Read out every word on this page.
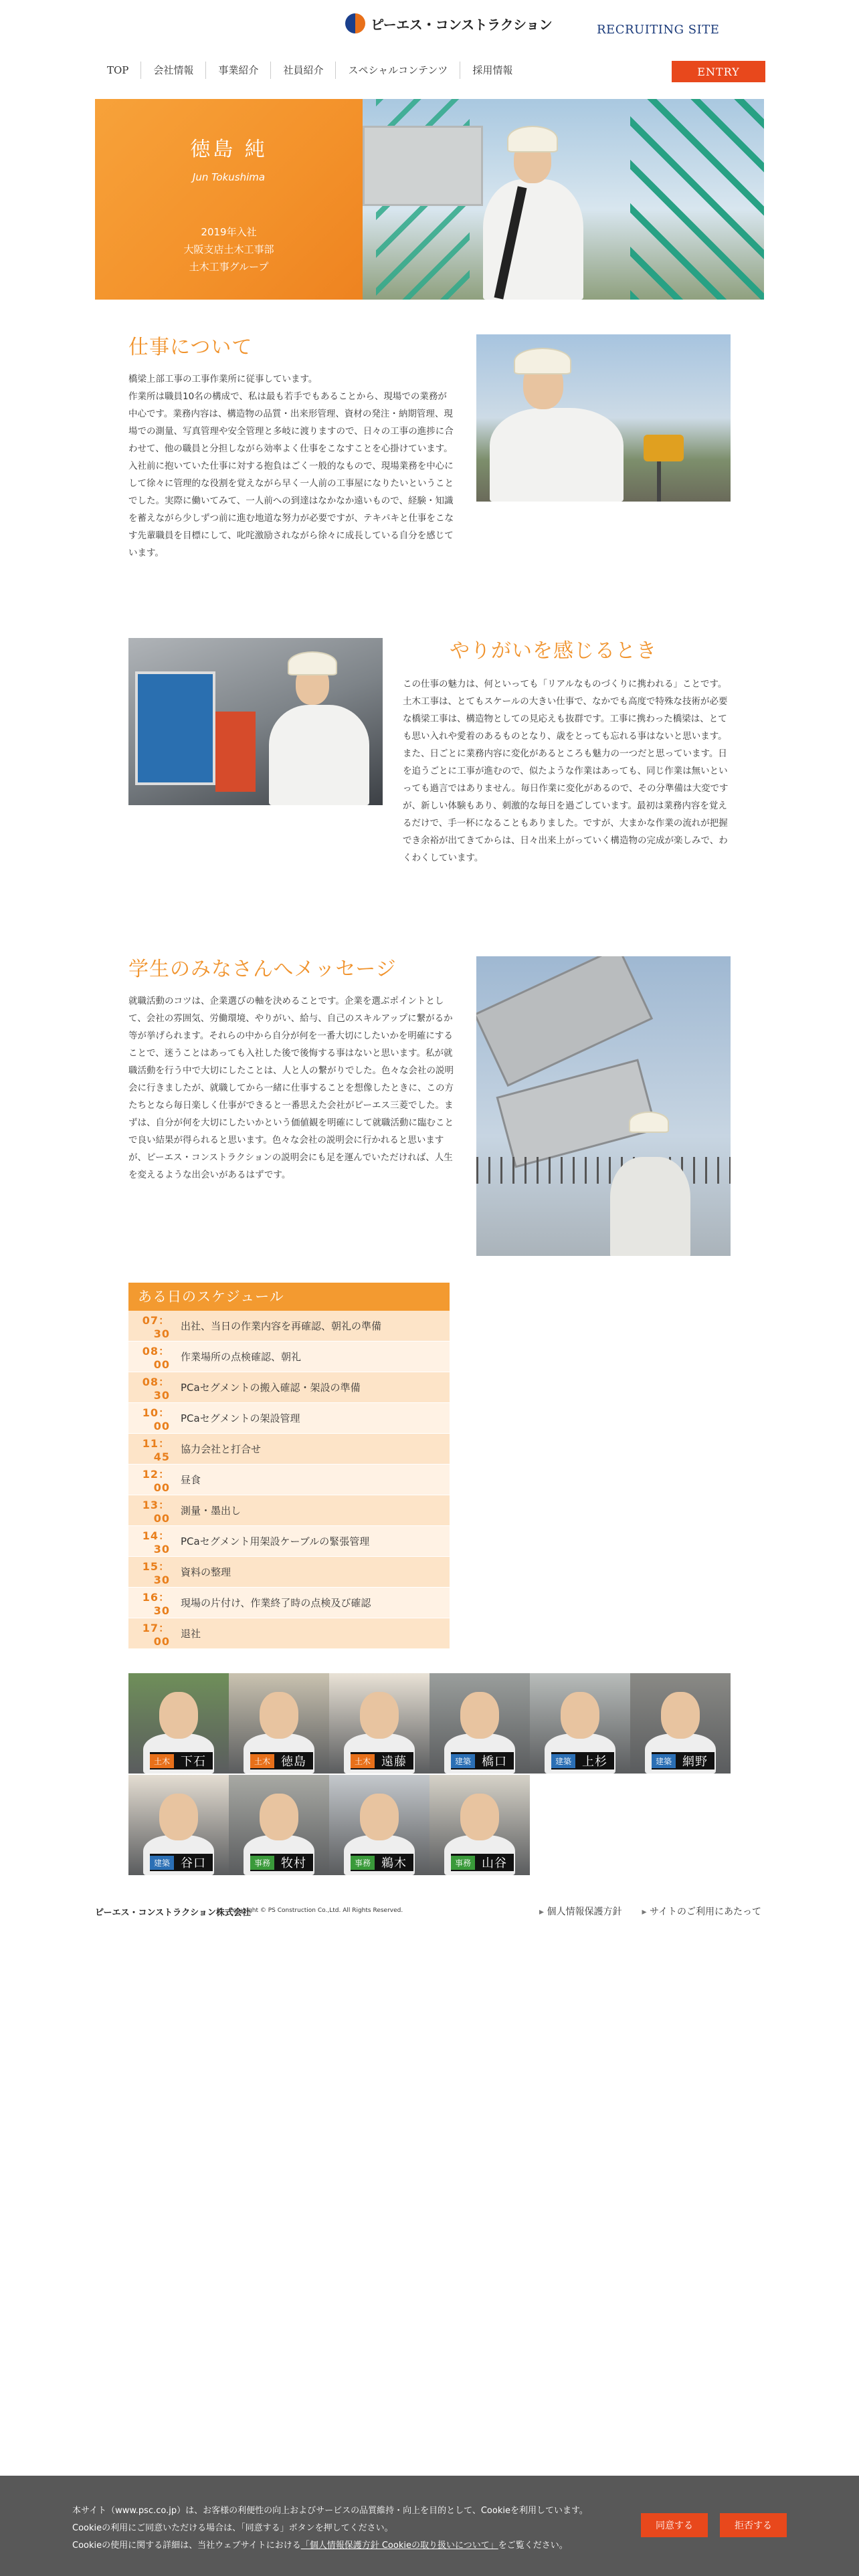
ピーエス・コンストラクション	RECRUITING SITE
TOP	会社情報	事業紹介	社員紹介	スペシャルコンテンツ	採用情報	ENTRY
徳島 純
Jun Tokushima
2019年入社
大阪支店土木工事部
土木工事グループ
仕事について

橋梁上部工事の工事作業所に従事しています。
作業所は職員10名の構成で、私は最も若手でもあることから、現場での業務が中心です。業務内容は、構造物の品質・出来形管理、資材の発注・納期管理、現場での測量、写真管理や安全管理と多岐に渡りますので、日々の工事の進捗に合わせて、他の職員と分担しながら効率よく仕事をこなすことを心掛けています。入社前に抱いていた仕事に対する抱負はごく一般的なもので、現場業務を中心にして徐々に管理的な役割を覚えながら早く一人前の工事屋になりたいということでした。実際に働いてみて、一人前への到達はなかなか遠いもので、経験・知識を蓄えながら少しずつ前に進む地道な努力が必要ですが、テキパキと仕事をこなす先輩職員を目標にして、叱咤激励されながら徐々に成長している自分を感じています。

やりがいを感じるとき

この仕事の魅力は、何といっても「リアルなものづくりに携われる」ことです。土木工事は、とてもスケールの大きい仕事で、なかでも高度で特殊な技術が必要な橋梁工事は、構造物としての見応えも抜群です。工事に携わった橋梁は、とても思い入れや愛着のあるものとなり、歳をとっても忘れる事はないと思います。また、日ごとに業務内容に変化があるところも魅力の一つだと思っています。日を追うごとに工事が進むので、似たような作業はあっても、同じ作業は無いといっても過言ではありません。毎日作業に変化があるので、その分準備は大変ですが、新しい体験もあり、刺激的な毎日を過ごしています。最初は業務内容を覚えるだけで、手一杯になることもありました。ですが、大まかな作業の流れが把握でき余裕が出てきてからは、日々出来上がっていく構造物の完成が楽しみで、わくわくしています。

学生のみなさんへメッセージ

就職活動のコツは、企業選びの軸を決めることです。企業を選ぶポイントとして、会社の雰囲気、労働環境、やりがい、給与、自己のスキルアップに繋がるか等が挙げられます。それらの中から自分が何を一番大切にしたいかを明確にすることで、迷うことはあっても入社した後で後悔する事はないと思います。私が就職活動を行う中で大切にしたことは、人と人の繋がりでした。色々な会社の説明会に行きましたが、就職してから一緒に仕事することを想像したときに、この方たちとなら毎日楽しく仕事ができると一番思えた会社がピーエス三菱でした。まずは、自分が何を大切にしたいかという価値観を明確にして就職活動に臨むことで良い結果が得られると思います。色々な会社の説明会に行かれると思いますが、ピーエス・コンストラクションの説明会にも足を運んでいただければ、人生を変えるような出会いがあるはずです。

ある日のスケジュール
07：30
出社、当日の作業内容を再確認、朝礼の準備
08：00
作業場所の点検確認、朝礼
08：30
PCaセグメントの搬入確認・架設の準備
10：00
PCaセグメントの架設管理
11：45
協力会社と打合せ
12：00
昼食
13：00
測量・墨出し
14：30
PCaセグメント用架設ケーブルの緊張管理
15：30
資料の整理
16：30
現場の片付け、作業終了時の点検及び確認
17：00
退社
土木 下石	土木 徳島	土木 遠藤	建築 橋口	建築 上杉	建築 網野
建築 谷口	事務 牧村	事務 鵜木	事務 山谷
ピーエス・コンストラクション株式会社
Copyright © PS Construction Co.,Ltd. All Rights Reserved.	▸ 個人情報保護方針	▸ サイトのご利用にあたって
本サイト（www.psc.co.jp）は、お客様の利便性の向上およびサービスの品質維持・向上を目的として、Cookieを利用しています。
Cookieの利用にご同意いただける場合は、「同意する」ボタンを押してください。
Cookieの使用に関する詳細は、当社ウェブサイトにおける「個人情報保護方針 Cookieの取り扱いについて」をご覧ください。
同意する	拒否する
